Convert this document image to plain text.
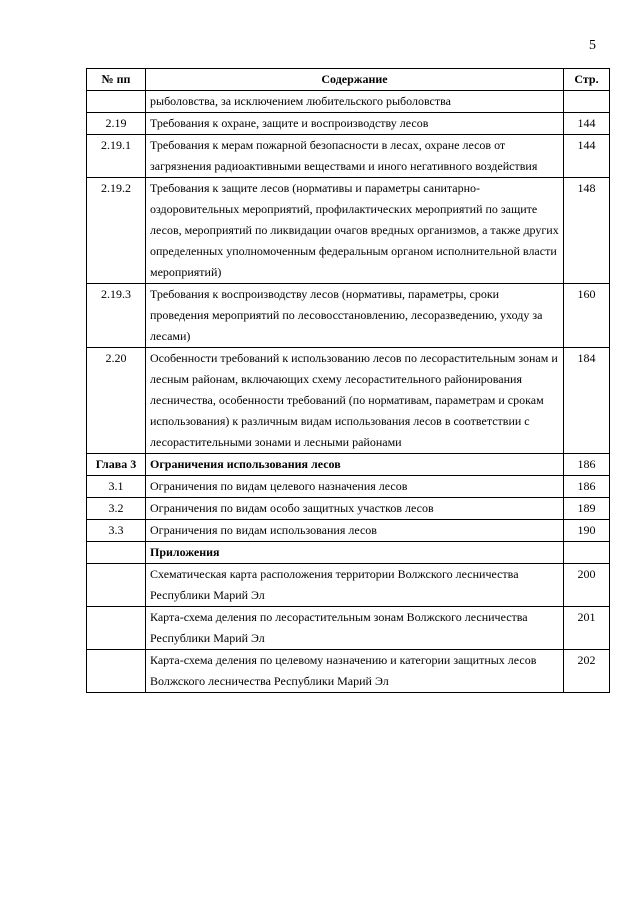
5
№ пп	Содержание	Стр.
	рыболовства, за исключением любительского рыболовства	
2.19	Требования к охране, защите и воспроизводству лесов	144
2.19.1	Требования к мерам пожарной безопасности в лесах, охране лесов от загрязнения радиоактивными веществами и иного негативного воздействия	144
2.19.2	Требования к защите лесов (нормативы и параметры санитарно-оздоровительных мероприятий, профилактических мероприятий по защите лесов, мероприятий по ликвидации очагов вредных организмов, а также других определенных уполномоченным федеральным органом исполнительной власти мероприятий)	148
2.19.3	Требования к воспроизводству лесов (нормативы, параметры, сроки проведения мероприятий по лесовосстановлению, лесоразведению, уходу за лесами)	160
2.20	Особенности требований к использованию лесов по лесорастительным зонам и лесным районам, включающих схему лесорастительного районирования лесничества, особенности требований (по нормативам, параметрам и срокам использования) к различным видам использования лесов в соответствии с лесорастительными зонами и лесными районами	184
Глава 3	Ограничения использования лесов	186
3.1	Ограничения по видам целевого назначения лесов	186
3.2	Ограничения по видам особо защитных участков лесов	189
3.3	Ограничения по видам использования лесов	190
	Приложения	
	Схематическая карта расположения территории Волжского лесничества Республики Марий Эл	200
	Карта-схема деления по лесорастительным зонам Волжского лесничества Республики Марий Эл	201
	Карта-схема деления по целевому назначению и категории защитных лесов Волжского лесничества Республики Марий Эл	202
